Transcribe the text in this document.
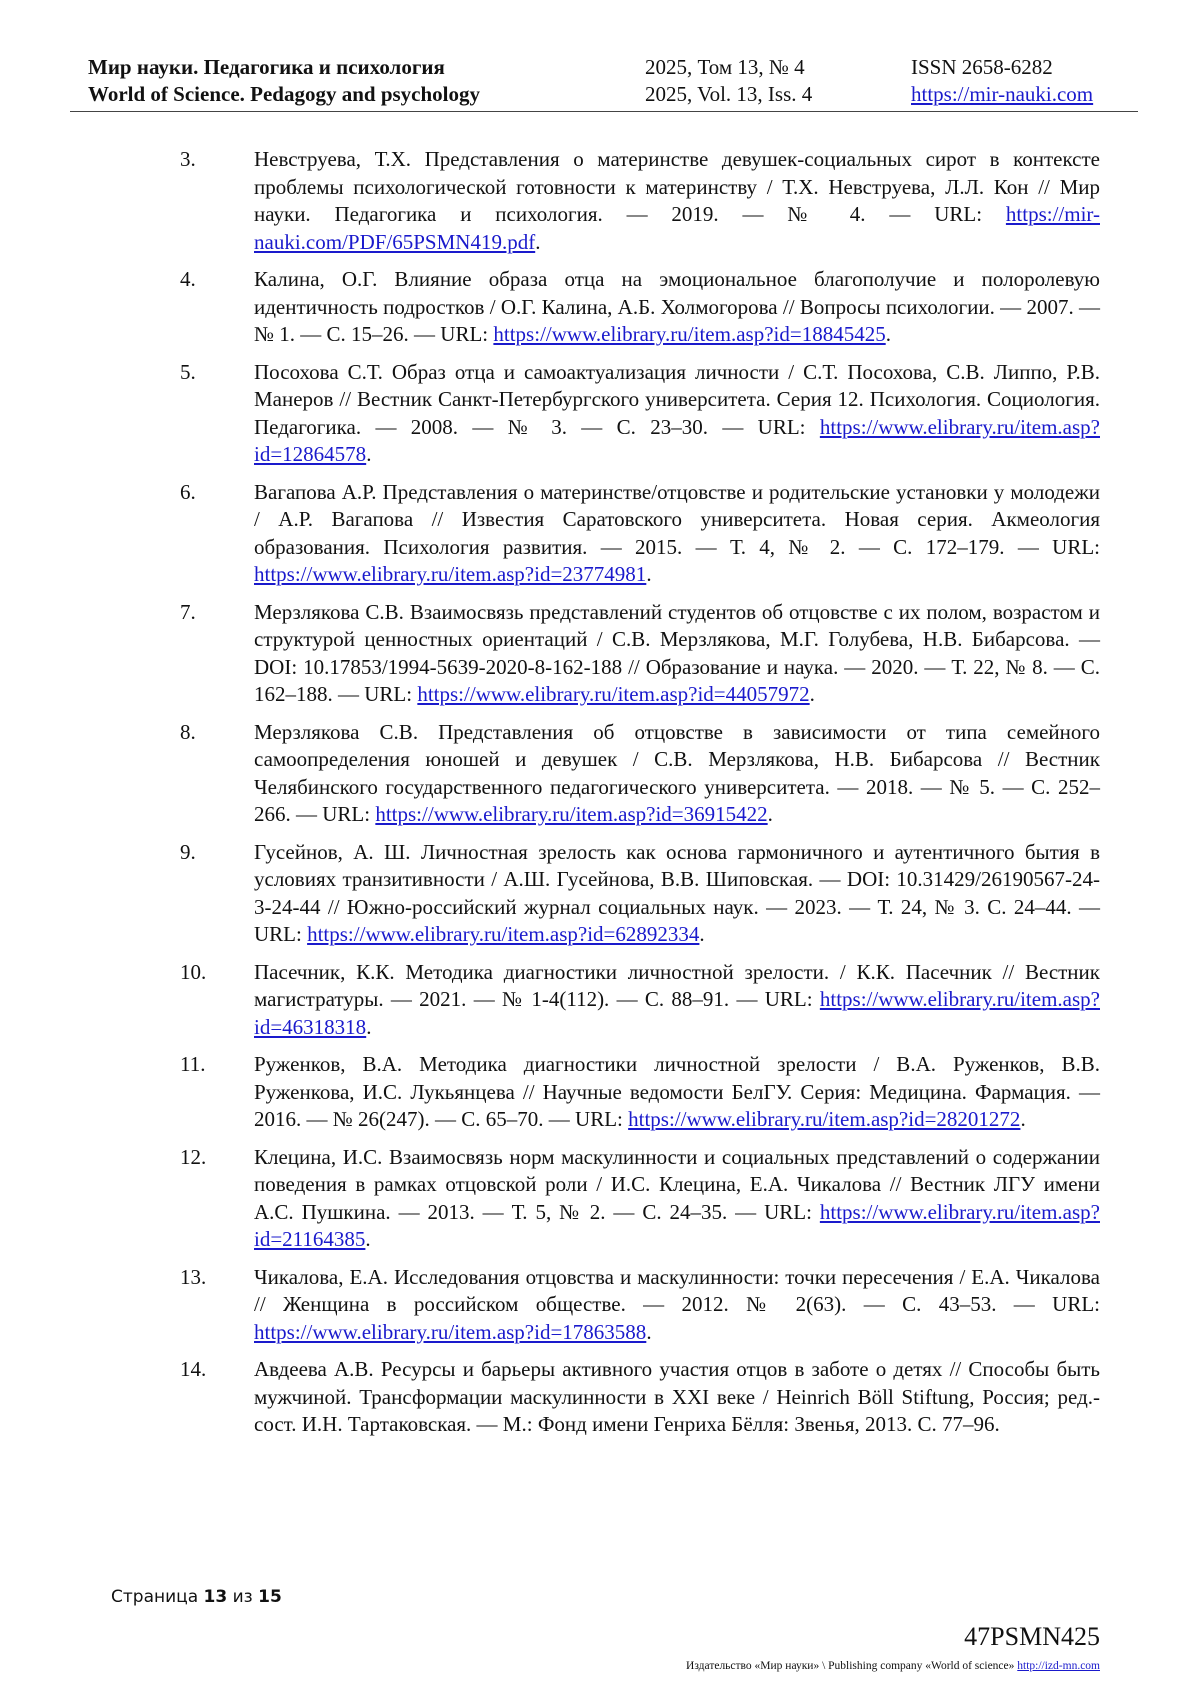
Мир науки. Педагогика и психология	2025, Том 13, № 4	ISSN 2658-6282
World of Science. Pedagogy and psychology	2025, Vol. 13, Iss. 4	https://mir-nauki.com
3.	Невструева, Т.Х. Представления о материнстве девушек-социальных сирот в контексте проблемы психологической готовности к материнству / Т.Х. Невструева, Л.Л. Кон // Мир науки. Педагогика и психология. — 2019. — № 4. — URL: https://mir-nauki.com/PDF/65PSMN419.pdf.
4.	Калина, О.Г. Влияние образа отца на эмоциональное благополучие и полоролевую идентичность подростков / О.Г. Калина, А.Б. Холмогорова // Вопросы психологии. — 2007. — № 1. — С. 15–26. — URL: https://www.elibrary.ru/item.asp?id=18845425.
5.	Посохова С.Т. Образ отца и самоактуализация личности / С.Т. Посохова, С.В. Липпо, Р.В. Манеров // Вестник Санкт-Петербургского университета. Серия 12. Психология. Социология. Педагогика. — 2008. — № 3. — С. 23–30. — URL: https://www.elibrary.ru/item.asp?id=12864578.
6.	Вагапова А.Р. Представления о материнстве/отцовстве и родительские установки у молодежи / А.Р. Вагапова // Известия Саратовского университета. Новая серия. Акмеология образования. Психология развития. — 2015. — Т. 4, № 2. — С. 172–179. — URL: https://www.elibrary.ru/item.asp?id=23774981.
7.	Мерзлякова С.В. Взаимосвязь представлений студентов об отцовстве с их полом, возрастом и структурой ценностных ориентаций / С.В. Мерзлякова, М.Г. Голубева, Н.В. Бибарсова. — DOI: 10.17853/1994-5639-2020-8-162-188 // Образование и наука. — 2020. — Т. 22, № 8. — С. 162–188. — URL: https://www.elibrary.ru/item.asp?id=44057972.
8.	Мерзлякова С.В. Представления об отцовстве в зависимости от типа семейного самоопределения юношей и девушек / С.В. Мерзлякова, Н.В. Бибарсова // Вестник Челябинского государственного педагогического университета. — 2018. — № 5. — С. 252–266. — URL: https://www.elibrary.ru/item.asp?id=36915422.
9.	Гусейнов, А. Ш. Личностная зрелость как основа гармоничного и аутентичного бытия в условиях транзитивности / А.Ш. Гусейнова, В.В. Шиповская. — DOI: 10.31429/26190567-24-3-24-44 // Южно-российский журнал социальных наук. — 2023. — Т. 24, № 3. С. 24–44. — URL: https://www.elibrary.ru/item.asp?id=62892334.
10. Пасечник, К.К. Методика диагностики личностной зрелости. / К.К. Пасечник // Вестник магистратуры. — 2021. — № 1-4(112). — С. 88–91. — URL: https://www.elibrary.ru/item.asp?id=46318318.
11. Руженков, В.А. Методика диагностики личностной зрелости / В.А. Руженков, В.В. Руженкова, И.С. Лукьянцева // Научные ведомости БелГУ. Серия: Медицина. Фармация. — 2016. — № 26(247). — С. 65–70. — URL: https://www.elibrary.ru/item.asp?id=28201272.
12. Клецина, И.С. Взаимосвязь норм маскулинности и социальных представлений о содержании поведения в рамках отцовской роли / И.С. Клецина, Е.А. Чикалова // Вестник ЛГУ имени А.С. Пушкина. — 2013. — Т. 5, № 2. — С. 24–35. — URL: https://www.elibrary.ru/item.asp?id=21164385.
13. Чикалова, Е.А. Исследования отцовства и маскулинности: точки пересечения / Е.А. Чикалова // Женщина в российском обществе. — 2012. № 2(63). — С. 43–53. — URL: https://www.elibrary.ru/item.asp?id=17863588.
14. Авдеева А.В. Ресурсы и барьеры активного участия отцов в заботе о детях // Способы быть мужчиной. Трансформации маскулинности в XXI веке / Heinrich Böll Stiftung, Россия; ред.-сост. И.Н. Тартаковская. — М.: Фонд имени Генриха Бёлля: Звенья, 2013. С. 77–96.
Страница 13 из 15
47PSMN425
Издательство «Мир науки» \ Publishing company «World of science» http://izd-mn.com
